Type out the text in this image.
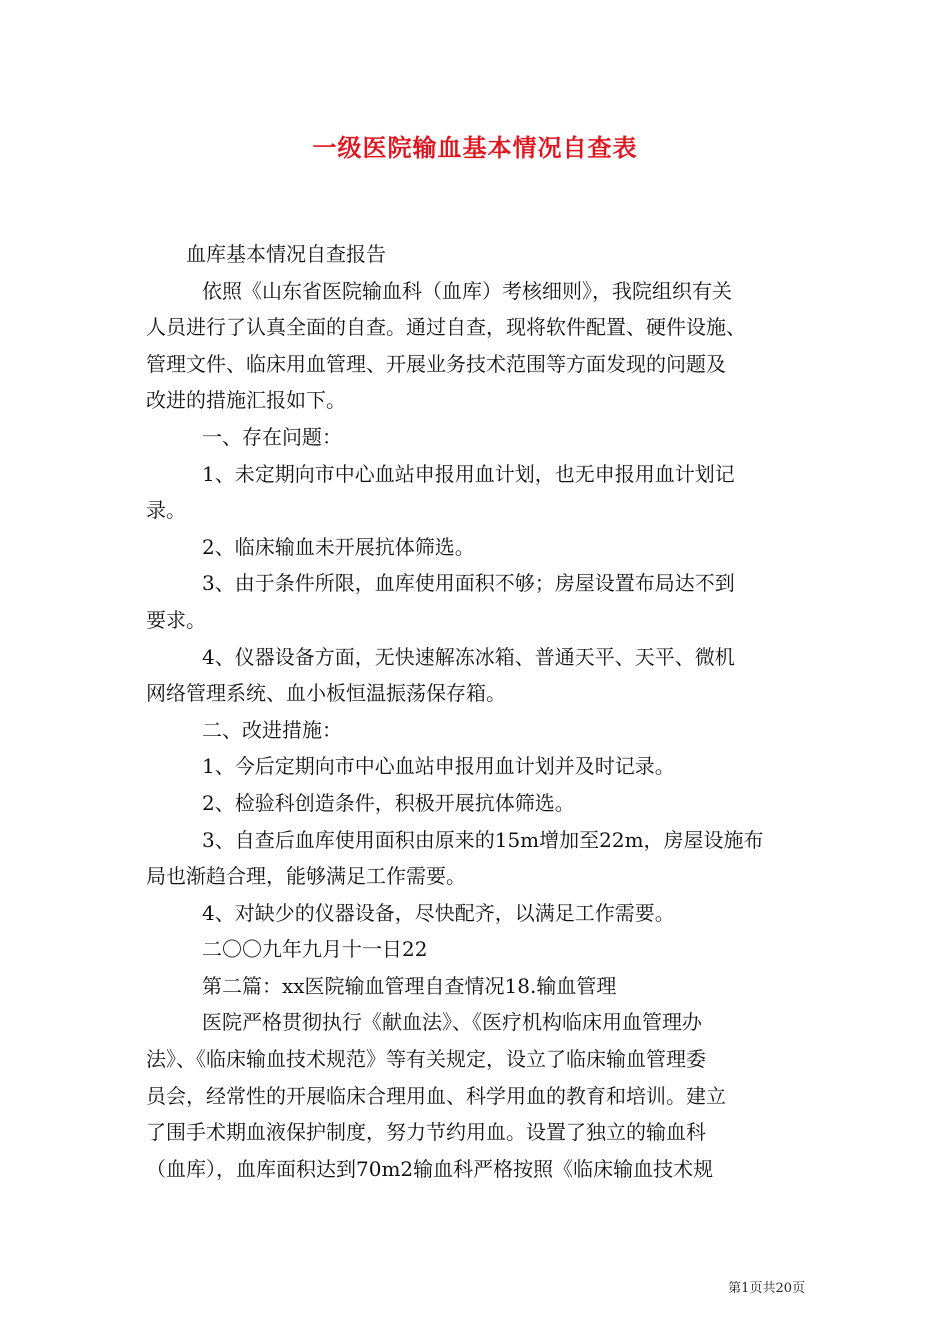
一级医院输血基本情况自查表

血库基本情况自查报告

依照《山东省医院输血科（血库）考核细则》，我院组织有关

人员进行了认真全面的自查。通过自查，现将软件配置、硬件设施、

管理文件、临床用血管理、开展业务技术范围等方面发现的问题及

改进的措施汇报如下。

一、存在问题：

1、未定期向市中心血站申报用血计划，也无申报用血计划记

录。

2、临床输血未开展抗体筛选。

3、由于条件所限，血库使用面积不够；房屋设置布局达不到

要求。

4、仪器设备方面，无快速解冻冰箱、普通天平、天平、微机

网络管理系统、血小板恒温振荡保存箱。

二、改进措施：

1、今后定期向市中心血站申报用血计划并及时记录。

2、检验科创造条件，积极开展抗体筛选。

3、自查后血库使用面积由原来的15m增加至22m，房屋设施布

局也渐趋合理，能够满足工作需要。

4、对缺少的仪器设备，尽快配齐，以满足工作需要。

二〇〇九年九月十一日22

第二篇：xx医院输血管理自查情况18.输血管理

医院严格贯彻执行《献血法》、《医疗机构临床用血管理办

法》、《临床输血技术规范》等有关规定，设立了临床输血管理委

员会，经常性的开展临床合理用血、科学用血的教育和培训。建立

了围手术期血液保护制度，努力节约用血。设置了独立的输血科

（血库），血库面积达到70m2输血科严格按照《临床输血技术规

第1页共20页
